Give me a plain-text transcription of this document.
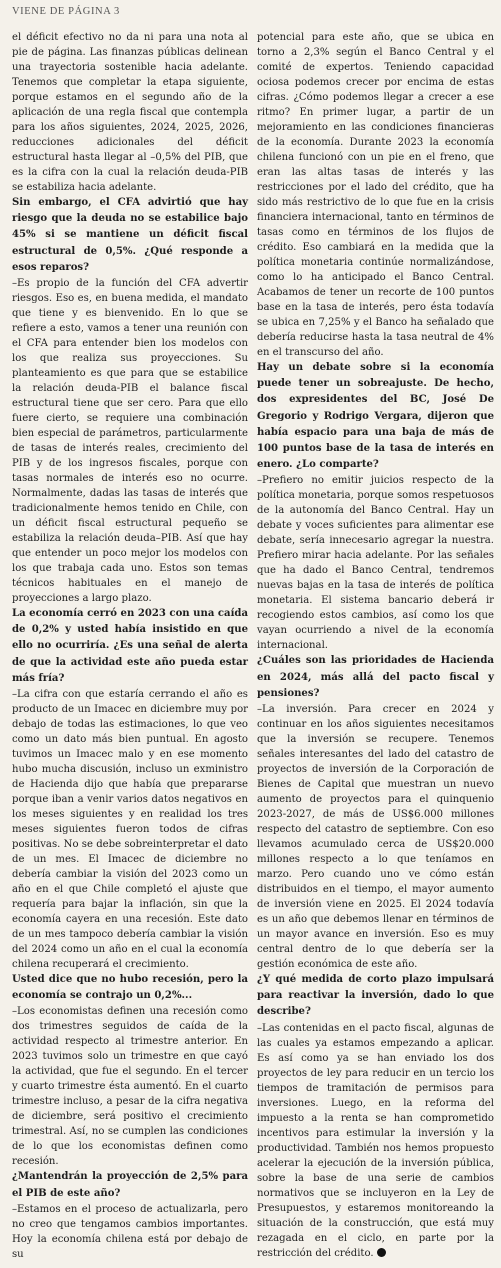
VIENE DE PÁGINA 3

el déficit efectivo no da ni para una nota al pie de página. Las finanzas públicas delinean una trayectoria sostenible hacia adelante. Tenemos que completar la etapa siguiente, porque estamos en el segundo año de la aplicación de una regla fiscal que contempla para los años siguientes, 2024, 2025, 2026, reducciones adicionales del déficit estructural hasta llegar al –0,5% del PIB, que es la cifra con la cual la relación deuda-PIB se estabiliza hacia adelante.

Sin embargo, el CFA advirtió que hay riesgo que la deuda no se estabilice bajo 45% si se mantiene un déficit fiscal estructural de 0,5%. ¿Qué responde a esos reparos?

–Es propio de la función del CFA advertir riesgos. Eso es, en buena medida, el mandato que tiene y es bienvenido. En lo que se refiere a esto, vamos a tener una reunión con el CFA para entender bien los modelos con los que realiza sus proyecciones. Su planteamiento es que para que se estabilice la relación deuda-PIB el balance fiscal estructural tiene que ser cero. Para que ello fuere cierto, se requiere una combinación bien especial de parámetros, particularmente de tasas de interés reales, crecimiento del PIB y de los ingresos fiscales, porque con tasas normales de interés eso no ocurre. Normalmente, dadas las tasas de interés que tradicionalmente hemos tenido en Chile, con un déficit fiscal estructural pequeño se estabiliza la relación deuda–PIB. Así que hay que entender un poco mejor los modelos con los que trabaja cada uno. Estos son temas técnicos habituales en el manejo de proyecciones a largo plazo.

La economía cerró en 2023 con una caída de 0,2% y usted había insistido en que ello no ocurriría. ¿Es una señal de alerta de que la actividad este año pueda estar más fría?

–La cifra con que estaría cerrando el año es producto de un Imacec en diciembre muy por debajo de todas las estimaciones, lo que veo como un dato más bien puntual. En agosto tuvimos un Imacec malo y en ese momento hubo mucha discusión, incluso un exministro de Hacienda dijo que había que prepararse porque iban a venir varios datos negativos en los meses siguientes y en realidad los tres meses siguientes fueron todos de cifras positivas. No se debe sobreinterpretar el dato de un mes. El Imacec de diciembre no debería cambiar la visión del 2023 como un año en el que Chile completó el ajuste que requería para bajar la inflación, sin que la economía cayera en una recesión. Este dato de un mes tampoco debería cambiar la visión del 2024 como un año en el cual la economía chilena recuperará el crecimiento.

Usted dice que no hubo recesión, pero la economía se contrajo un 0,2%...

–Los economistas definen una recesión como dos trimestres seguidos de caída de la actividad respecto al trimestre anterior. En 2023 tuvimos solo un trimestre en que cayó la actividad, que fue el segundo. En el tercer y cuarto trimestre ésta aumentó. En el cuarto trimestre incluso, a pesar de la cifra negativa de diciembre, será positivo el crecimiento trimestral. Así, no se cumplen las condiciones de lo que los economistas definen como recesión.

¿Mantendrán la proyección de 2,5% para el PIB de este año?

–Estamos en el proceso de actualizarla, pero no creo que tengamos cambios importantes. Hoy la economía chilena está por debajo de su

potencial para este año, que se ubica en torno a 2,3% según el Banco Central y el comité de expertos. Teniendo capacidad ociosa podemos crecer por encima de estas cifras. ¿Cómo podemos llegar a crecer a ese ritmo? En primer lugar, a partir de un mejoramiento en las condiciones financieras de la economía. Durante 2023 la economía chilena funcionó con un pie en el freno, que eran las altas tasas de interés y las restricciones por el lado del crédito, que ha sido más restrictivo de lo que fue en la crisis financiera internacional, tanto en términos de tasas como en términos de los flujos de crédito. Eso cambiará en la medida que la política monetaria continúe normalizándose, como lo ha anticipado el Banco Central. Acabamos de tener un recorte de 100 puntos base en la tasa de interés, pero ésta todavía se ubica en 7,25% y el Banco ha señalado que debería reducirse hasta la tasa neutral de 4% en el transcurso del año.

Hay un debate sobre si la economía puede tener un sobreajuste. De hecho, dos expresidentes del BC, José De Gregorio y Rodrigo Vergara, dijeron que había espacio para una baja de más de 100 puntos base de la tasa de interés en enero. ¿Lo comparte?

–Prefiero no emitir juicios respecto de la política monetaria, porque somos respetuosos de la autonomía del Banco Central. Hay un debate y voces suficientes para alimentar ese debate, sería innecesario agregar la nuestra. Prefiero mirar hacia adelante. Por las señales que ha dado el Banco Central, tendremos nuevas bajas en la tasa de interés de política monetaria. El sistema bancario deberá ir recogiendo estos cambios, así como los que vayan ocurriendo a nivel de la economía internacional.

¿Cuáles son las prioridades de Hacienda en 2024, más allá del pacto fiscal y pensiones?

–La inversión. Para crecer en 2024 y continuar en los años siguientes necesitamos que la inversión se recupere. Tenemos señales interesantes del lado del catastro de proyectos de inversión de la Corporación de Bienes de Capital que muestran un nuevo aumento de proyectos para el quinquenio 2023-2027, de más de US$6.000 millones respecto del catastro de septiembre. Con eso llevamos acumulado cerca de US$20.000 millones respecto a lo que teníamos en marzo. Pero cuando uno ve cómo están distribuidos en el tiempo, el mayor aumento de inversión viene en 2025. El 2024 todavía es un año que debemos llenar en términos de un mayor avance en inversión. Eso es muy central dentro de lo que debería ser la gestión económica de este año.

¿Y qué medida de corto plazo impulsará para reactivar la inversión, dado lo que describe?

–Las contenidas en el pacto fiscal, algunas de las cuales ya estamos empezando a aplicar. Es así como ya se han enviado los dos proyectos de ley para reducir en un tercio los tiempos de tramitación de permisos para inversiones. Luego, en la reforma del impuesto a la renta se han comprometido incentivos para estimular la inversión y la productividad. También nos hemos propuesto acelerar la ejecución de la inversión pública, sobre la base de una serie de cambios normativos que se incluyeron en la Ley de Presupuestos, y estaremos monitoreando la situación de la construcción, que está muy rezagada en el ciclo, en parte por la restricción del crédito.
